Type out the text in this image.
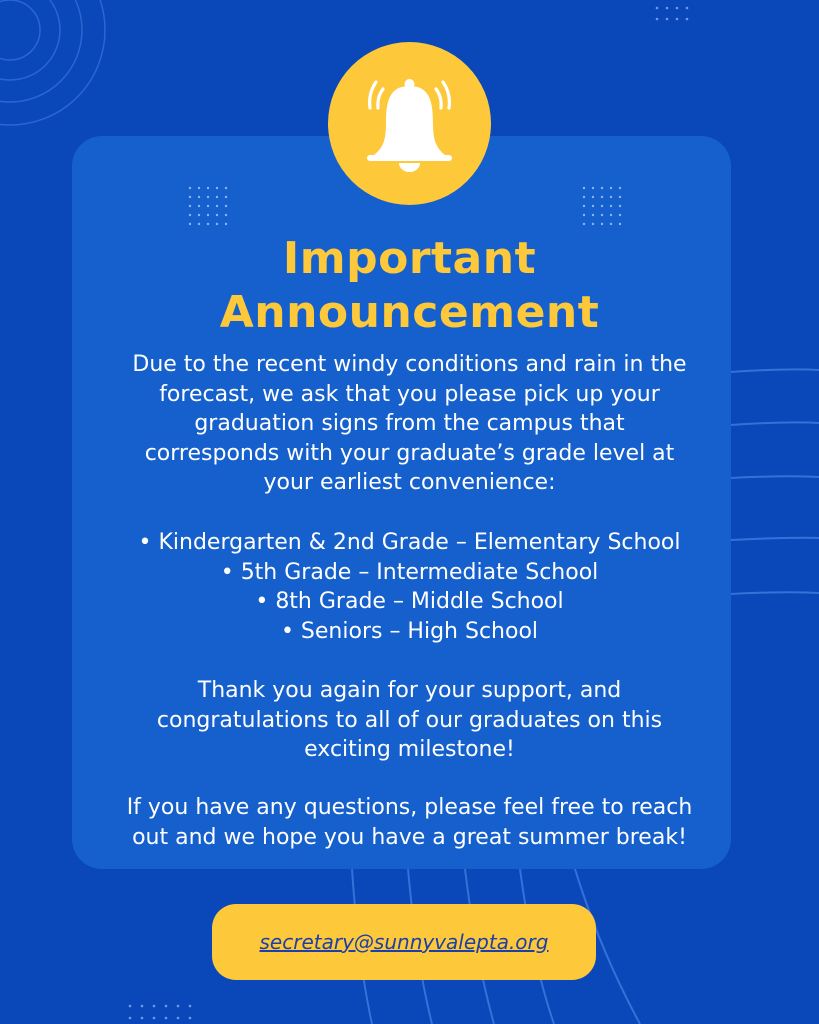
Important
Announcement

Due to the recent windy conditions and rain in the
forecast, we ask that you please pick up your
graduation signs from the campus that
corresponds with your graduate’s grade level at
your earliest convenience:

• Kindergarten & 2nd Grade – Elementary School
• 5th Grade – Intermediate School
• 8th Grade – Middle School
• Seniors – High School

Thank you again for your support, and
congratulations to all of our graduates on this
exciting milestone!

If you have any questions, please feel free to reach
out and we hope you have a great summer break!

secretary@sunnyvalepta.org
